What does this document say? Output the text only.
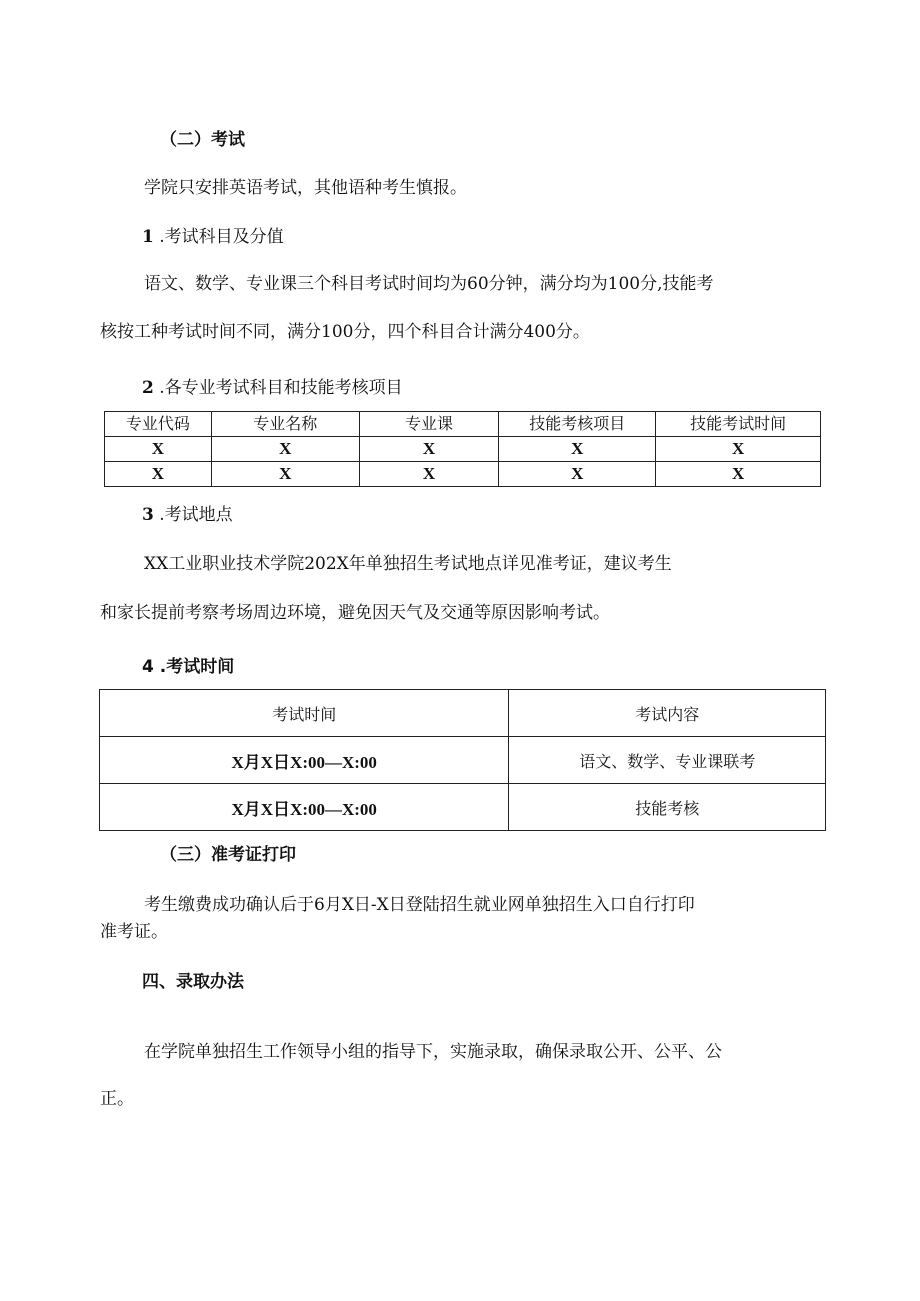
（二）考试
学院只安排英语考试，其他语种考生慎报。
1 .考试科目及分值
语文、数学、专业课三个科目考试时间均为60分钟，满分均为100分,技能考
核按工种考试时间不同，满分100分，四个科目合计满分400分。
2 .各专业考试科目和技能考核项目
专业代码	专业名称	专业课	技能考核项目	技能考试时间
X	X	X	X	X
X	X	X	X	X
3 .考试地点
XX工业职业技术学院202X年单独招生考试地点详见准考证，建议考生
和家长提前考察考场周边环境，避免因天气及交通等原因影响考试。
4 .考试时间
考试时间	考试内容
X月X日X:00—X:00	语文、数学、专业课联考
X月X日X:00—X:00	技能考核
（三）准考证打印
考生缴费成功确认后于6月X日-X日登陆招生就业网单独招生入口自行打印
准考证。
四、录取办法
在学院单独招生工作领导小组的指导下，实施录取，确保录取公开、公平、公
正。
